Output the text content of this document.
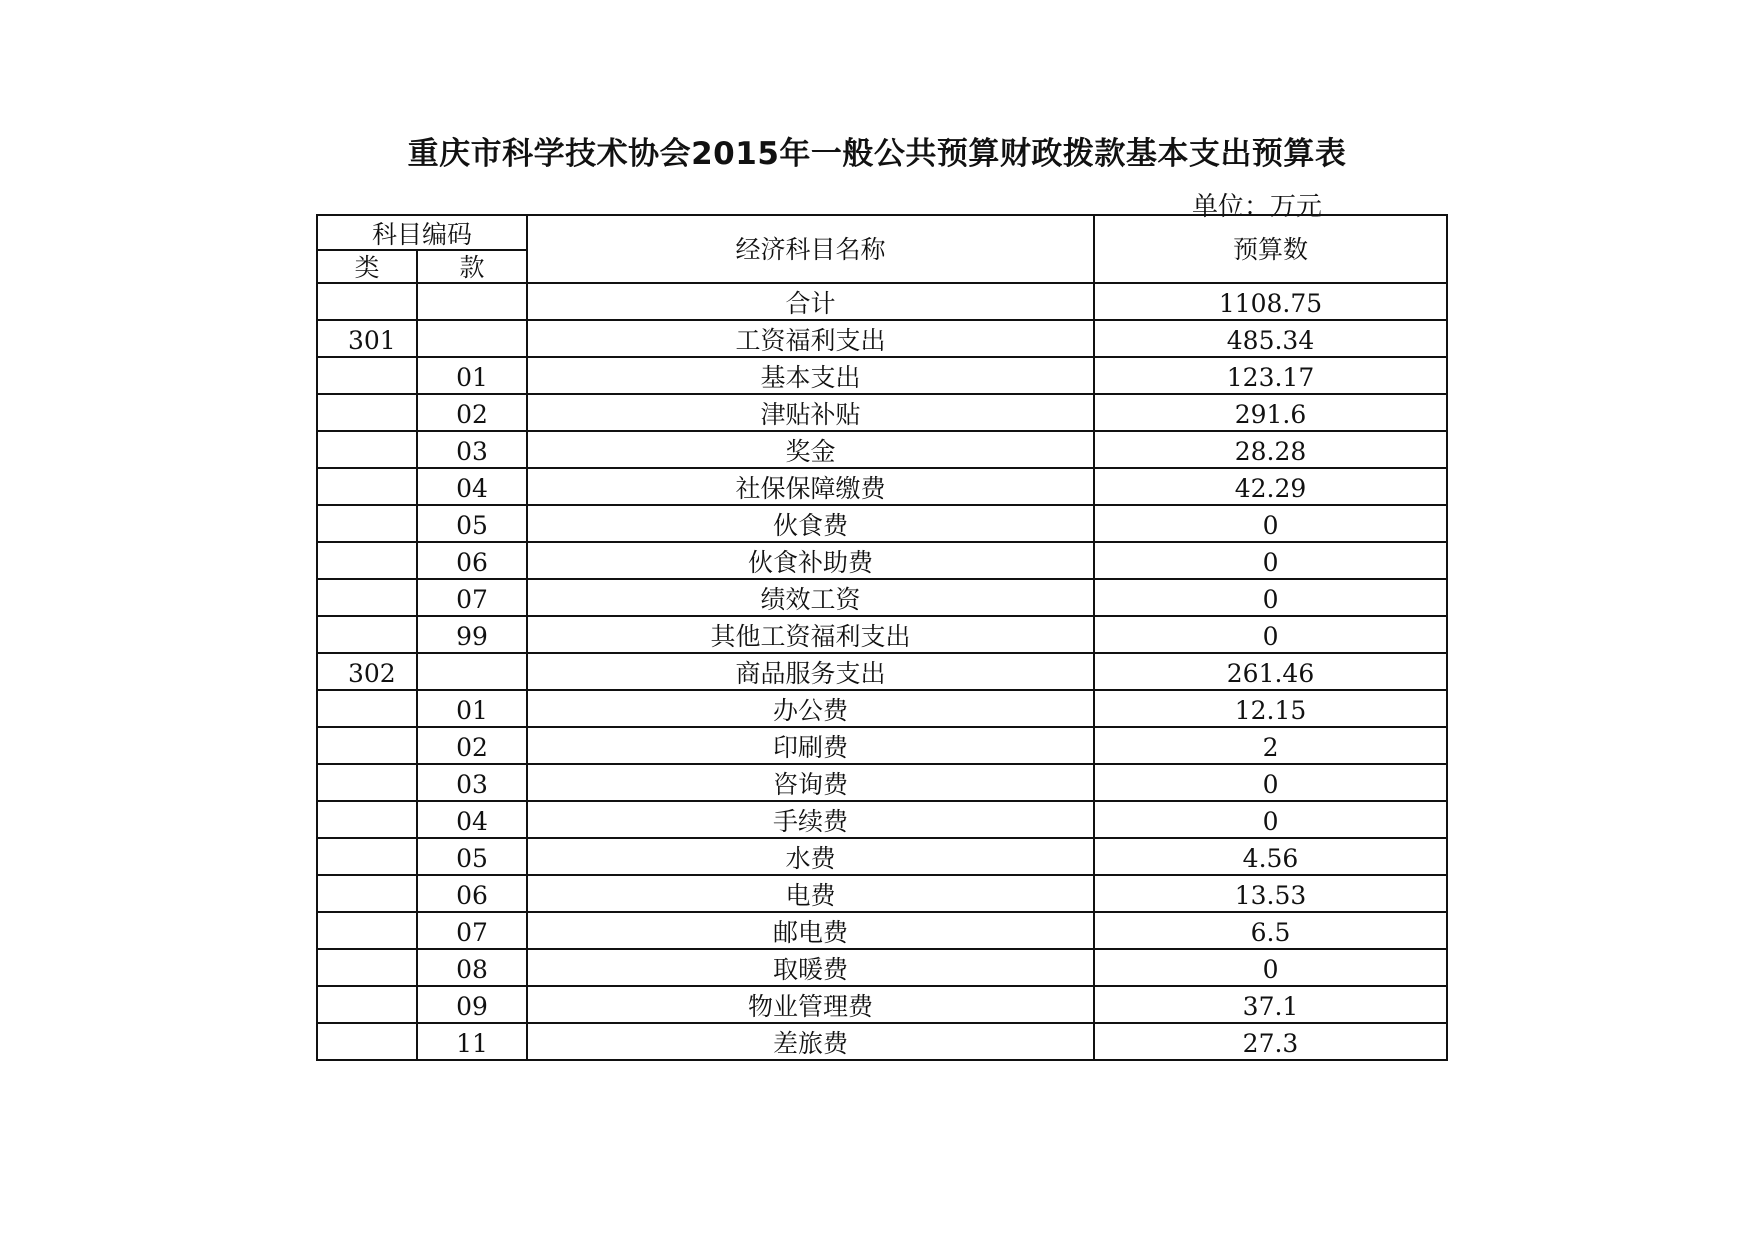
重庆市科学技术协会2015年一般公共预算财政拨款基本支出预算表
单位：万元
科目编码		经济科目名称	预算数
类	款		
		合计	1108.75
301		工资福利支出	485.34
	01	基本支出	123.17
	02	津贴补贴	291.6
	03	奖金	28.28
	04	社保保障缴费	42.29
	05	伙食费	0
	06	伙食补助费	0
	07	绩效工资	0
	99	其他工资福利支出	0
302		商品服务支出	261.46
	01	办公费	12.15
	02	印刷费	2
	03	咨询费	0
	04	手续费	0
	05	水费	4.56
	06	电费	13.53
	07	邮电费	6.5
	08	取暖费	0
	09	物业管理费	37.1
	11	差旅费	27.3
